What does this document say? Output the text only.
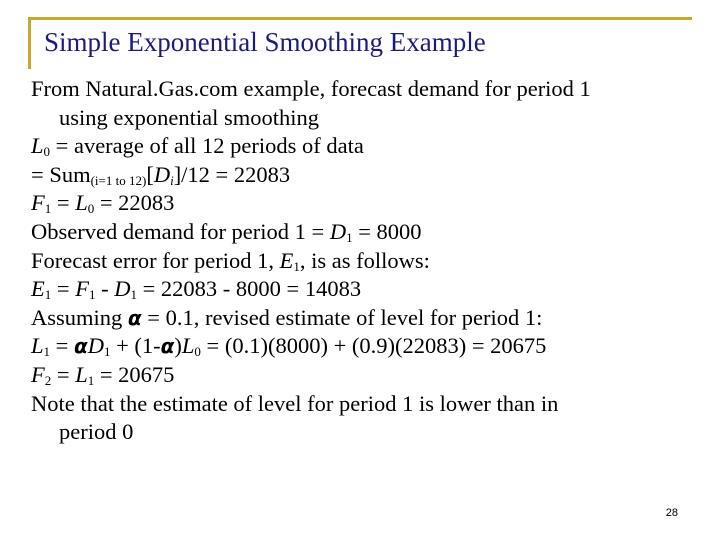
Simple Exponential Smoothing Example
From Natural.Gas.com example, forecast demand for period 1
using exponential smoothing
$L_0$ = average of all 12 periods of data
= $Sum_{(i=1 to 12)}[D_i]/12 = 22083$
$F_1 = L_0 = 22083$
Observed demand for period $1 = D_1 = 8000$
Forecast error for period 1, $E_1$, is as follows:
$E_1 = F_1 - D_1 = 22083 - 8000 = 14083$
Assuming α = 0.1, revised estimate of level for period 1:
$L_1 = \alpha D_1 + (1-\alpha)L_0 = (0.1)(8000) + (0.9)(22083) = 20675$
$F_2 = L_1 = 20675$
Note that the estimate of level for period 1 is lower than in
period 0
28
